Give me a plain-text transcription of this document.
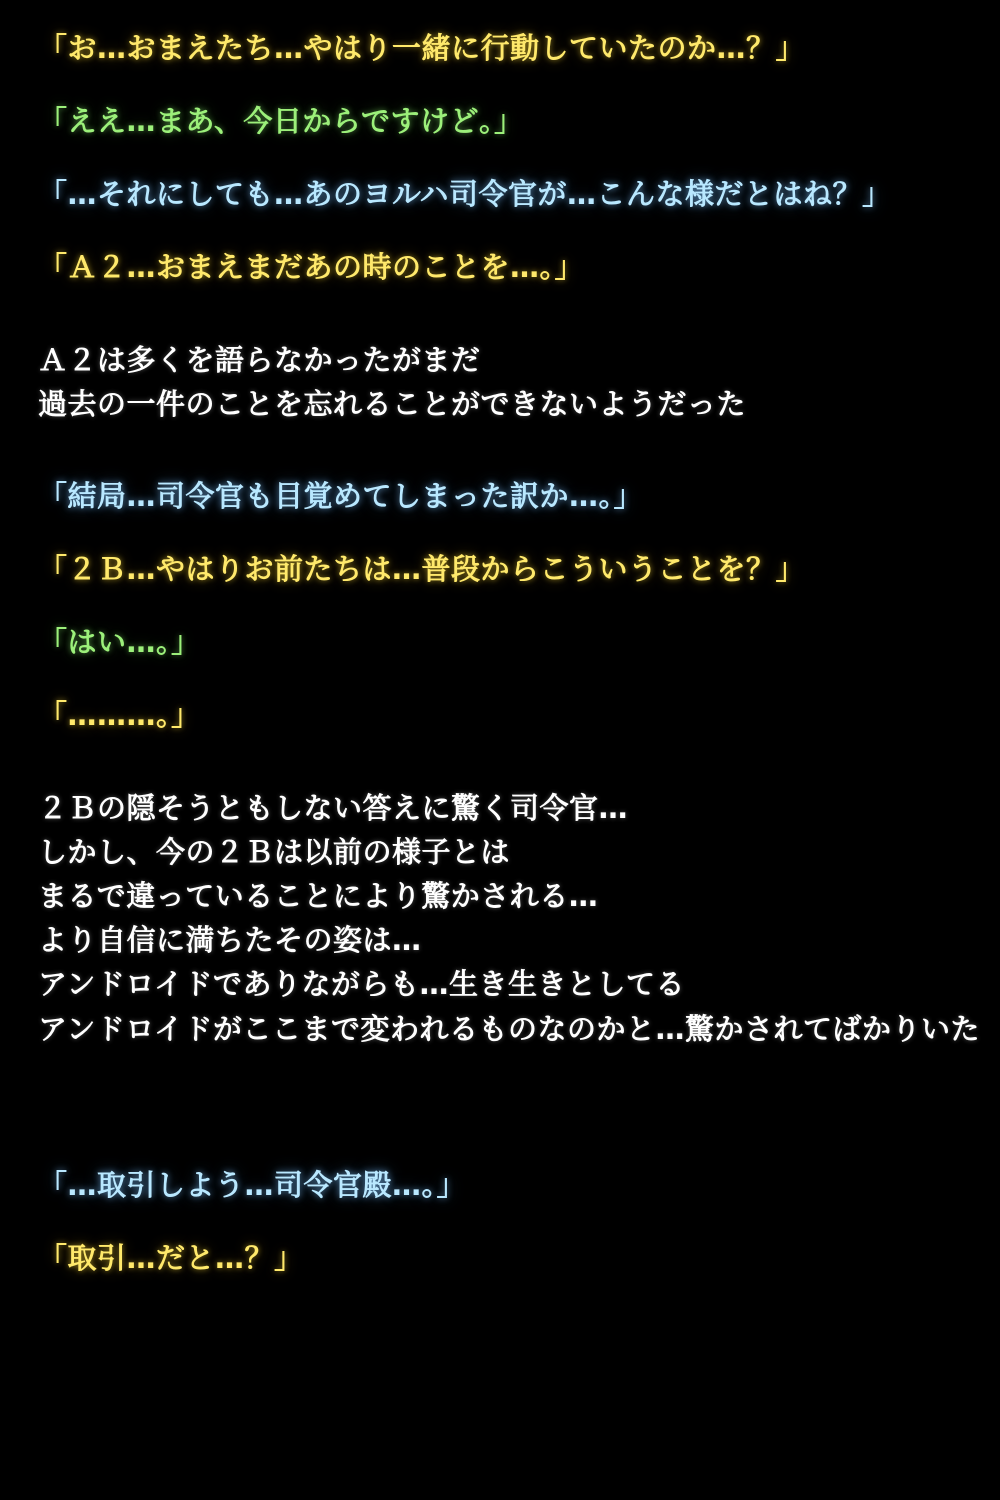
「お…おまえたち…やはり一緒に行動していたのか…？」
「ええ…まあ、今日からですけど。」
「…それにしても…あのヨルハ司令官が…こんな様だとはね？」
「Ａ２…おまえまだあの時のことを…。」
Ａ２は多くを語らなかったがまだ
過去の一件のことを忘れることができないようだった
「結局…司令官も目覚めてしまった訳か…。」
「２Ｂ…やはりお前たちは…普段からこういうことを？」
「はい…。」
「………。」
２Ｂの隠そうともしない答えに驚く司令官…
しかし、今の２Ｂは以前の様子とは
まるで違っていることにより驚かされる…
より自信に満ちたその姿は…
アンドロイドでありながらも…生き生きとしてる
アンドロイドがここまで変われるものなのかと…驚かされてばかりいた
「…取引しよう…司令官殿…。」
「取引…だと…？」
